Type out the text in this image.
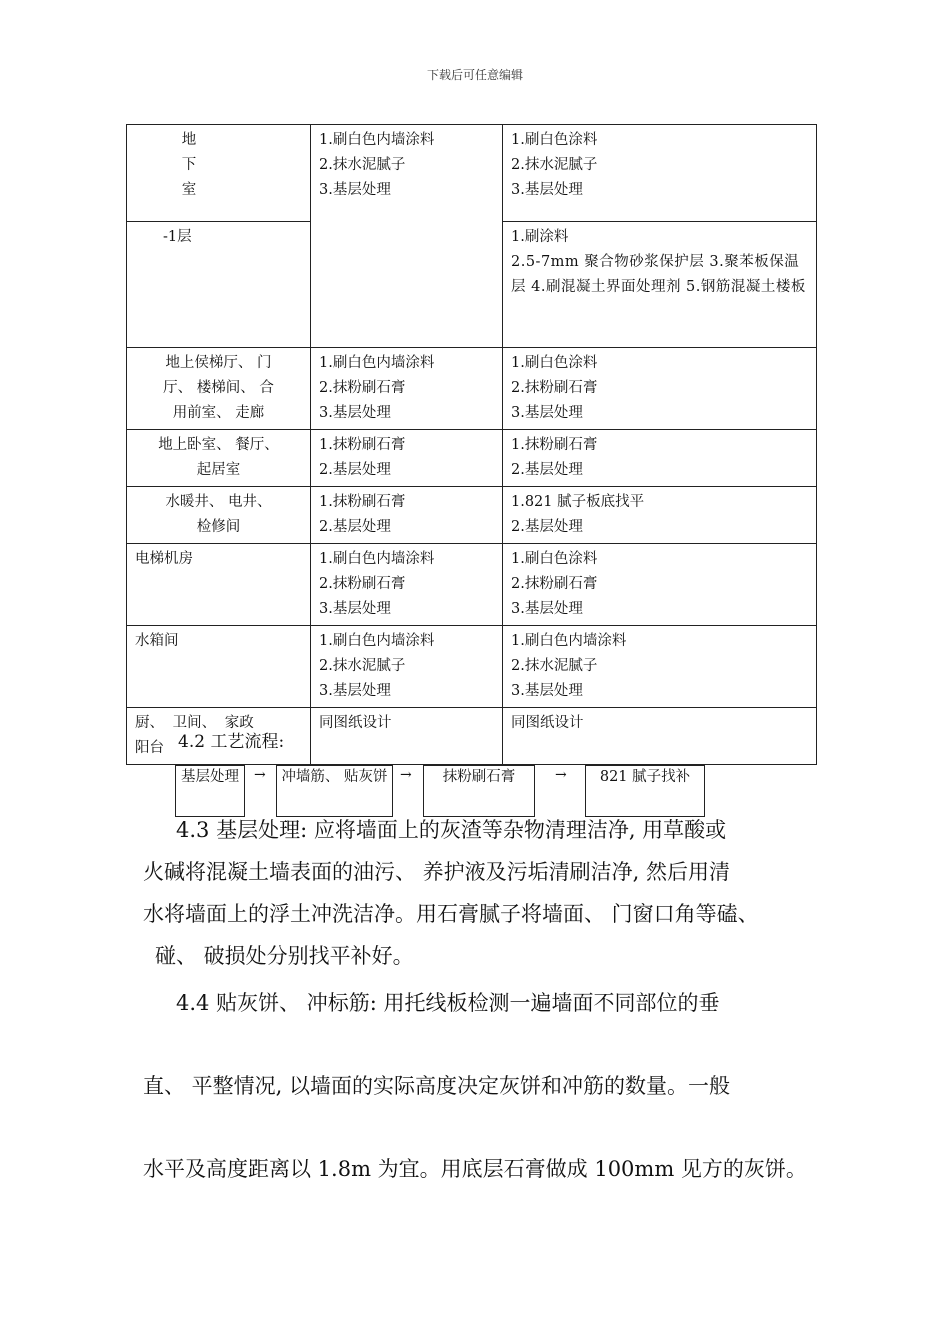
下载后可任意编辑
地
下
室	1.刷白色内墙涂料
2.抹水泥腻子
3.基层处理	1.刷白色涂料
2.抹水泥腻子
3.基层处理

-1层		1.刷涂料
2.5-7mm 聚合物砂浆保护层 3.聚苯板保温层 4.刷混凝土界面处理剂 5.钢筋混凝土楼板

地上侯梯厅、 门
厅、 楼梯间、 合
用前室、 走廊	1.刷白色内墙涂料
2.抹粉刷石膏
3.基层处理	1.刷白色涂料
2.抹粉刷石膏
3.基层处理

地上卧室、 餐厅、
起居室	1.抹粉刷石膏
2.基层处理	1.抹粉刷石膏
2.基层处理

水暖井、 电井、
检修间	1.抹粉刷石膏
2.基层处理	1.821 腻子板底找平
2.基层处理

电梯机房	1.刷白色内墙涂料
2.抹粉刷石膏
3.基层处理	1.刷白色涂料
2.抹粉刷石膏
3.基层处理

水箱间	1.刷白色内墙涂料
2.抹水泥腻子
3.基层处理	1.刷白色内墙涂料
2.抹水泥腻子
3.基层处理

厨、 卫间、 家政
阳台	同图纸设计	同图纸设计
4.2 工艺流程:
基层处理	→	冲墙筋、 贴灰饼 →	抹粉刷石膏	→	821 腻子找补
4.3 基层处理: 应将墙面上的灰渣等杂物清理洁净, 用草酸或
火碱将混凝土墙表面的油污、 养护液及污垢清刷洁净, 然后用清
水将墙面上的浮土冲洗洁净。用石膏腻子将墙面、 门窗口角等磕、
碰、 破损处分别找平补好。
4.4 贴灰饼、 冲标筋: 用托线板检测一遍墙面不同部位的垂
直、 平整情况, 以墙面的实际高度决定灰饼和冲筋的数量。一般
水平及高度距离以 1.8m 为宜。用底层石膏做成 100mm 见方的灰饼。
